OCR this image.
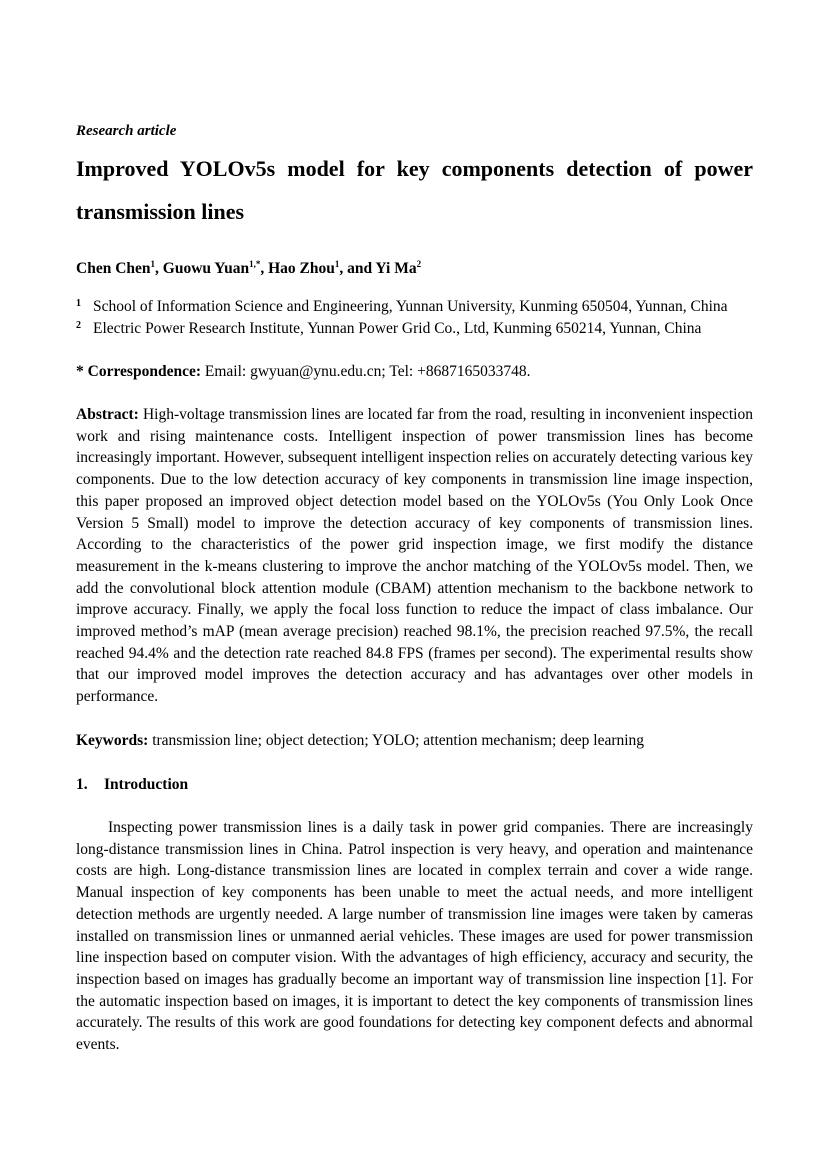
Research article
Improved YOLOv5s model for key components detection of power transmission lines
Chen Chen$^1$, Guowu Yuan$^{1,*}$, Hao Zhou$^1$, and Yi Ma$^2$
1 School of Information Science and Engineering, Yunnan University, Kunming 650504, Yunnan, China
2 Electric Power Research Institute, Yunnan Power Grid Co., Ltd, Kunming 650214, Yunnan, China
* Correspondence: Email: gwyuan@ynu.edu.cn; Tel: +8687165033748.
Abstract: High-voltage transmission lines are located far from the road, resulting in inconvenient inspection work and rising maintenance costs. Intelligent inspection of power transmission lines has become increasingly important. However, subsequent intelligent inspection relies on accurately detecting various key components. Due to the low detection accuracy of key components in transmission line image inspection, this paper proposed an improved object detection model based on the YOLOv5s (You Only Look Once Version 5 Small) model to improve the detection accuracy of key components of transmission lines. According to the characteristics of the power grid inspection image, we first modify the distance measurement in the k-means clustering to improve the anchor matching of the YOLOv5s model. Then, we add the convolutional block attention module (CBAM) attention mechanism to the backbone network to improve accuracy. Finally, we apply the focal loss function to reduce the impact of class imbalance. Our improved method’s mAP (mean average precision) reached 98.1%, the precision reached 97.5%, the recall reached 94.4% and the detection rate reached 84.8 FPS (frames per second). The experimental results show that our improved model improves the detection accuracy and has advantages over other models in performance.
Keywords: transmission line; object detection; YOLO; attention mechanism; deep learning
1. Introduction
Inspecting power transmission lines is a daily task in power grid companies. There are increasingly long-distance transmission lines in China. Patrol inspection is very heavy, and operation and maintenance costs are high. Long-distance transmission lines are located in complex terrain and cover a wide range. Manual inspection of key components has been unable to meet the actual needs, and more intelligent detection methods are urgently needed. A large number of transmission line images were taken by cameras installed on transmission lines or unmanned aerial vehicles. These images are used for power transmission line inspection based on computer vision. With the advantages of high efficiency, accuracy and security, the inspection based on images has gradually become an important way of transmission line inspection [1]. For the automatic inspection based on images, it is important to detect the key components of transmission lines accurately. The results of this work are good foundations for detecting key component defects and abnormal events.
